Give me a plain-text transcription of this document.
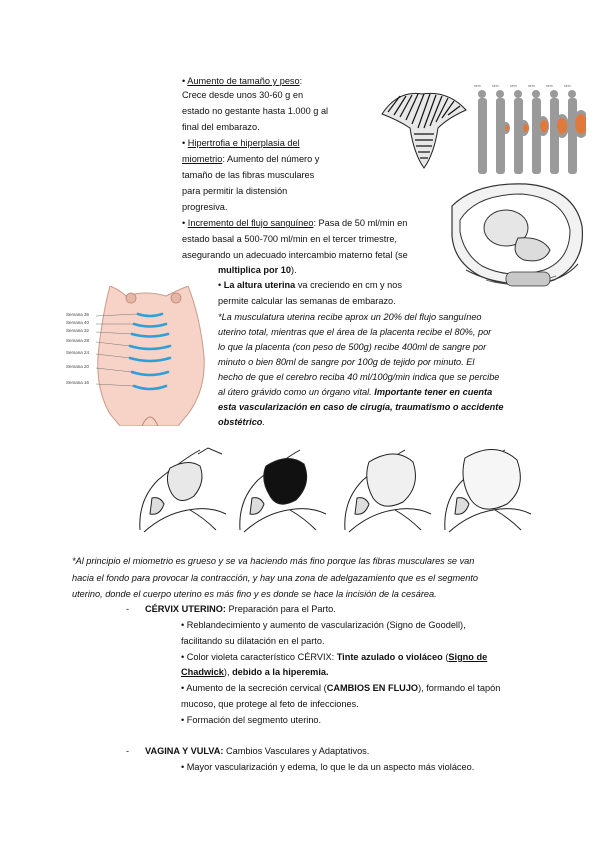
• Aumento de tamaño y peso:
Crece desde unos 30-60 g en
estado no gestante hasta 1.000 g al
final del embarazo.
• Hipertrofia e hiperplasia del
miometrio: Aumento del número y
tamaño de las fibras musculares
para permitir la distensión
progresiva.
• Incremento del flujo sanguíneo: Pasa de 50 ml/min en
estado basal a 500-700 ml/min en el tercer trimestre,
asegurando un adecuado intercambio materno fetal (se
multiplica por 10).
• La altura uterina va creciendo en cm y nos
permite calcular las semanas de embarazo.
*La musculatura uterina recibe aprox un 20% del flujo sanguíneo
uterino total, mientras que el área de la placenta recibe el 80%, por
lo que la placenta (con peso de 500g) recibe 400ml de sangre por
minuto o bien 80ml de sangre por 100g de tejido por minuto. El
hecho de que el cerebro reciba 40 ml/100g/min indica que se percibe
al útero grávido como un órgano vital. Importante tener en cuenta
esta vascularización en caso de cirugía, traumatismo o accidente
obstétrico.
sem	sem	sem	sem	sem	sem
Semana 36
Semana 40
Semana 32
Semana 28
Semana 24
Semana 20
Semana 16
*Al principio el miometrio es grueso y se va haciendo más fino porque las fibras musculares se van
hacia el fondo para provocar la contracción, y hay una zona de adelgazamiento que es el segmento
uterino, donde el cuerpo uterino es más fino y es donde se hace la incisión de la cesárea.
- CÉRVIX UTERINO: Preparación para el Parto.
• Reblandecimiento y aumento de vascularización (Signo de Goodell),
facilitando su dilatación en el parto.
• Color violeta característico CÉRVIX: Tinte azulado o violáceo (Signo de
Chadwick), debido a la hiperemia.
• Aumento de la secreción cervical (CAMBIOS EN FLUJO), formando el tapón
mucoso, que protege al feto de infecciones.
• Formación del segmento uterino.
- VAGINA Y VULVA: Cambios Vasculares y Adaptativos.
• Mayor vascularización y edema, lo que le da un aspecto más violáceo.
